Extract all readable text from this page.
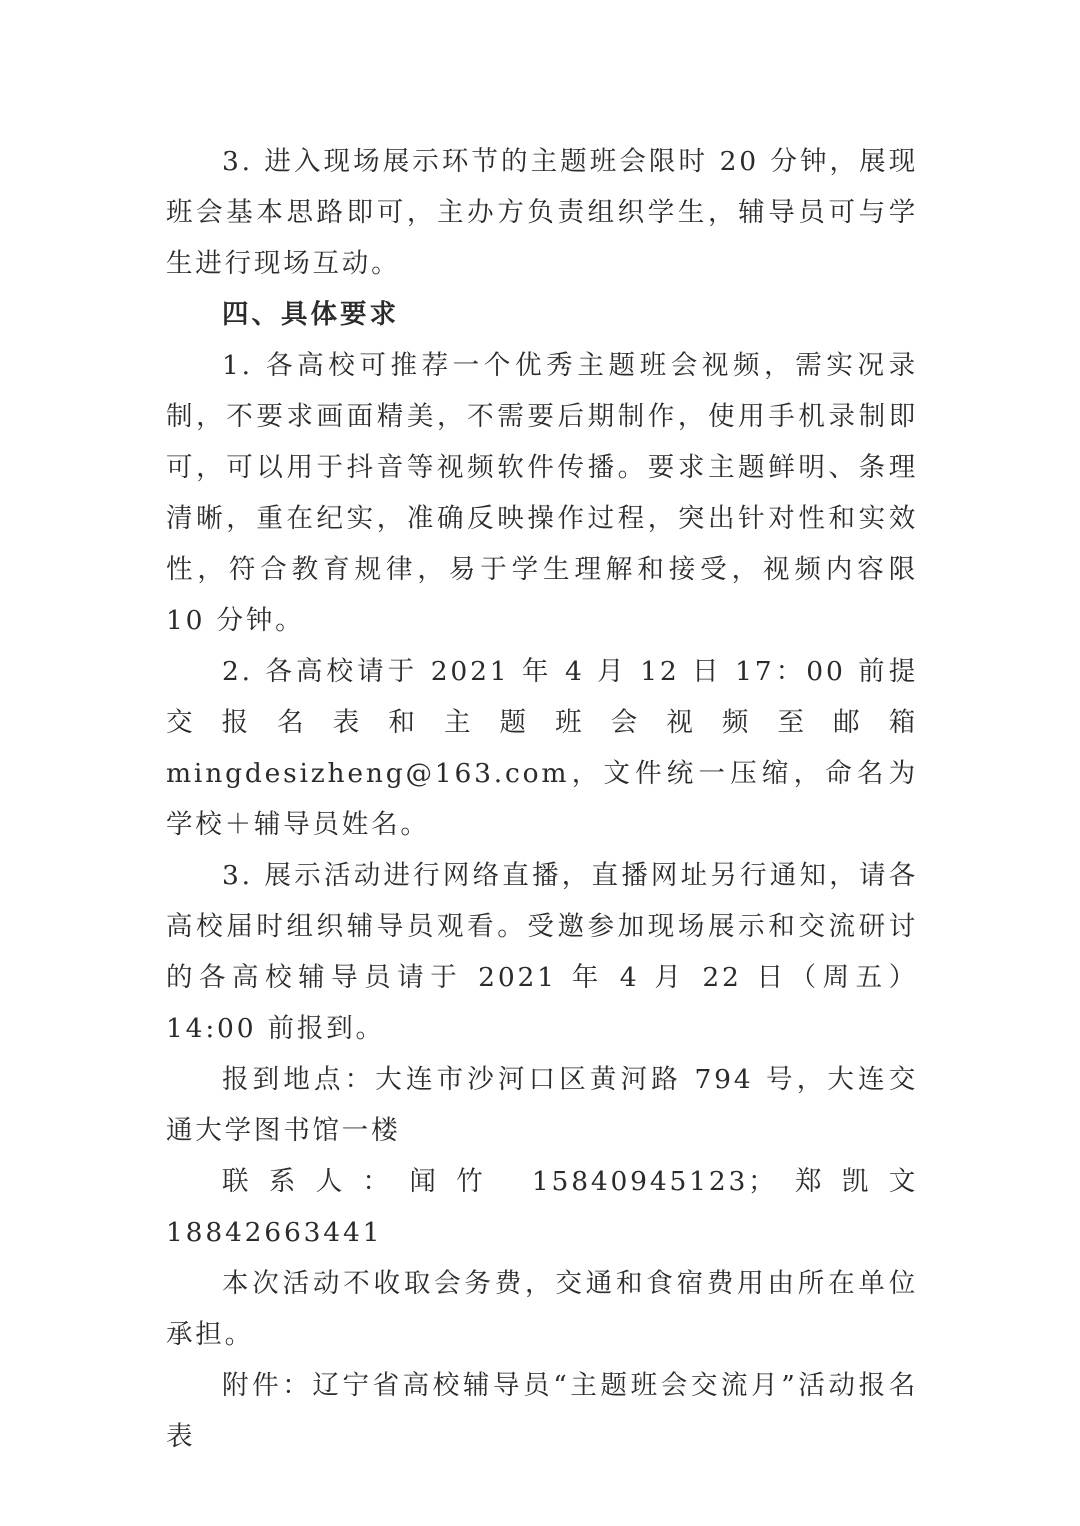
3. 进入现场展示环节的主题班会限时 20 分钟，展现班会基本思路即可，主办方负责组织学生，辅导员可与学生进行现场互动。

四、具体要求

1. 各高校可推荐一个优秀主题班会视频，需实况录制，不要求画面精美，不需要后期制作，使用手机录制即可，可以用于抖音等视频软件传播。要求主题鲜明、条理清晰，重在纪实，准确反映操作过程，突出针对性和实效性，符合教育规律，易于学生理解和接受，视频内容限 10 分钟。

2. 各高校请于 2021 年 4 月 12 日 17：00 前提交报名表和主题班会视频至邮箱　mingdesizheng@163.com，文件统一压缩，命名为学校＋辅导员姓名。

3. 展示活动进行网络直播，直播网址另行通知，请各高校届时组织辅导员观看。受邀参加现场展示和交流研讨的各高校辅导员请于 2021 年 4 月 22 日（周五）14:00 前报到。

报到地点：大连市沙河口区黄河路 794 号，大连交通大学图书馆一楼

联系人：闻竹 15840945123；郑凯文 18842663441

本次活动不收取会务费，交通和食宿费用由所在单位承担。

附件：辽宁省高校辅导员“主题班会交流月”活动报名表
